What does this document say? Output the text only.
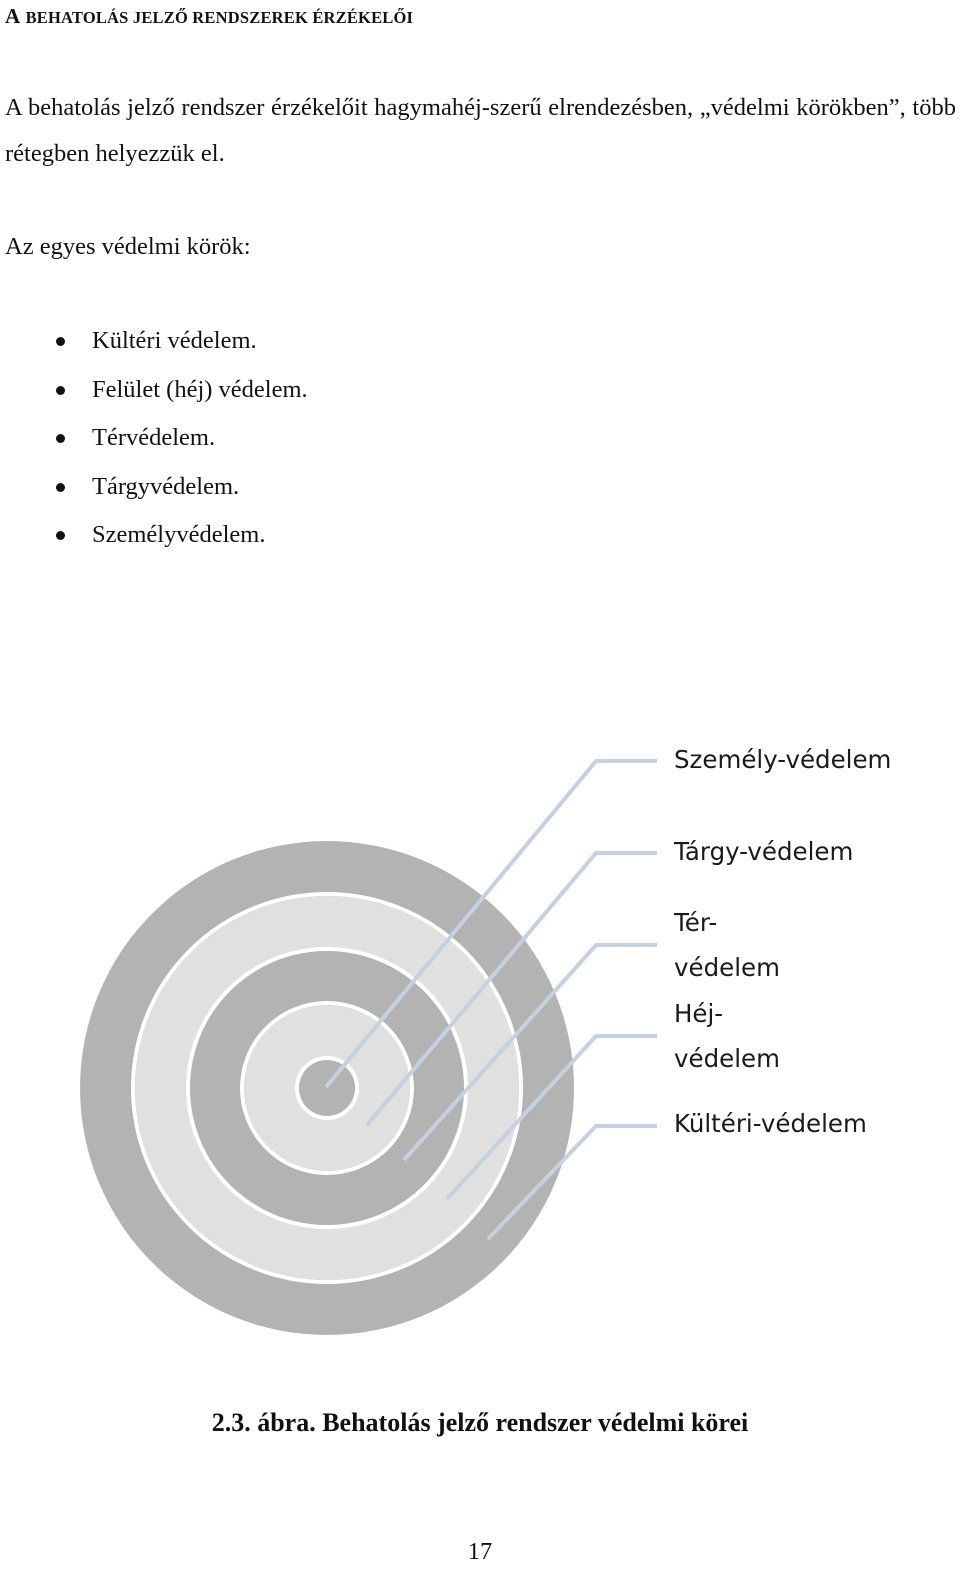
A BEHATOLÁS JELZŐ RENDSZEREK ÉRZÉKELŐI
A behatolás jelző rendszer érzékelőit hagymahéj-szerű elrendezésben, „védelmi körökben”, több rétegben helyezzük el.
Az egyes védelmi körök:
Kültéri védelem.
Felület (héj) védelem.
Térvédelem.
Tárgyvédelem.
Személyvédelem.
Személy-védelem
Tárgy-védelem
Tér-
védelem
Héj-
védelem
Kültéri-védelem
2.3. ábra. Behatolás jelző rendszer védelmi körei
17
